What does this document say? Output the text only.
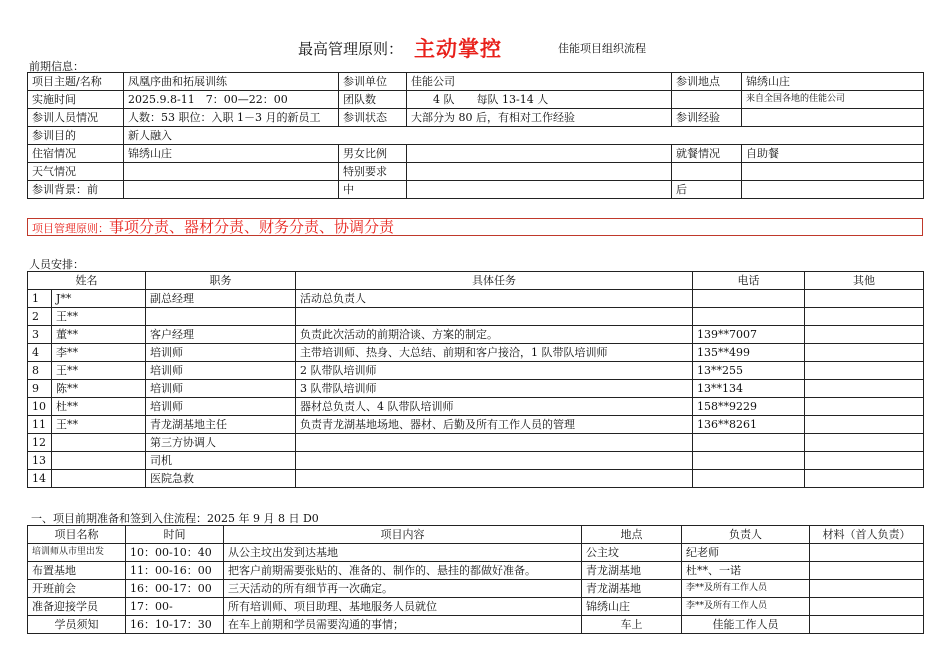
最高管理原则： 主动掌控	佳能项目组织流程
前期信息：
项目主题/名称	凤凰序曲和拓展训练	参训单位	佳能公司	参训地点	锦绣山庄
实施时间	2025.9.8-11　7：00—22：00	团队数	　　4 队　　每队 13-14 人		来自全国各地的佳能公司
参训人员情况	人数：53 职位：入职 1－3 月的新员工	参训状态	大部分为 80 后，有相对工作经验	参训经验	
参训目的	新人融入				
住宿情况	锦绣山庄	男女比例		就餐情况	自助餐
天气情况		特别要求			
参训背景：前		中		后	
项目管理原则：事项分责、器材分责、财务分责、协调分责
人员安排：
姓名		职务	具体任务	电话	其他
1	J**	副总经理	活动总负责人		
2	王**				
3	董**	客户经理	负责此次活动的前期洽谈、方案的制定。	139**7007	
4	李**	培训师	主带培训师、热身、大总结、前期和客户接洽，1 队带队培训师	135**499	
8	王**	培训师	2 队带队培训师	13**255	
9	陈**	培训师	3 队带队培训师	13**134	
10	杜**	培训师	器材总负责人、4 队带队培训师	158**9229	
11	王**	青龙湖基地主任	负责青龙湖基地场地、器材、后勤及所有工作人员的管理	136**8261	
12		第三方协调人			
13		司机			
14		医院急救			
一、项目前期准备和签到入住流程：2025 年 9 月 8 日 D0
项目名称	时间	项目内容	地点	负责人	材料（首人负责）
培训师从市里出发	10：00-10：40	从公主坟出发到达基地	公主坟	纪老师	
布置基地	11：00-16：00	把客户前期需要张贴的、准备的、制作的、悬挂的都做好准备。	青龙湖基地	杜**、一诺	
开班前会	16：00-17：00	三天活动的所有细节再一次确定。	青龙湖基地	李**及所有工作人员	
准备迎接学员	17：00-	所有培训师、项目助理、基地服务人员就位	锦绣山庄	李**及所有工作人员	
学员须知	16：10-17：30	在车上前期和学员需要沟通的事情；	车上	佳能工作人员	
